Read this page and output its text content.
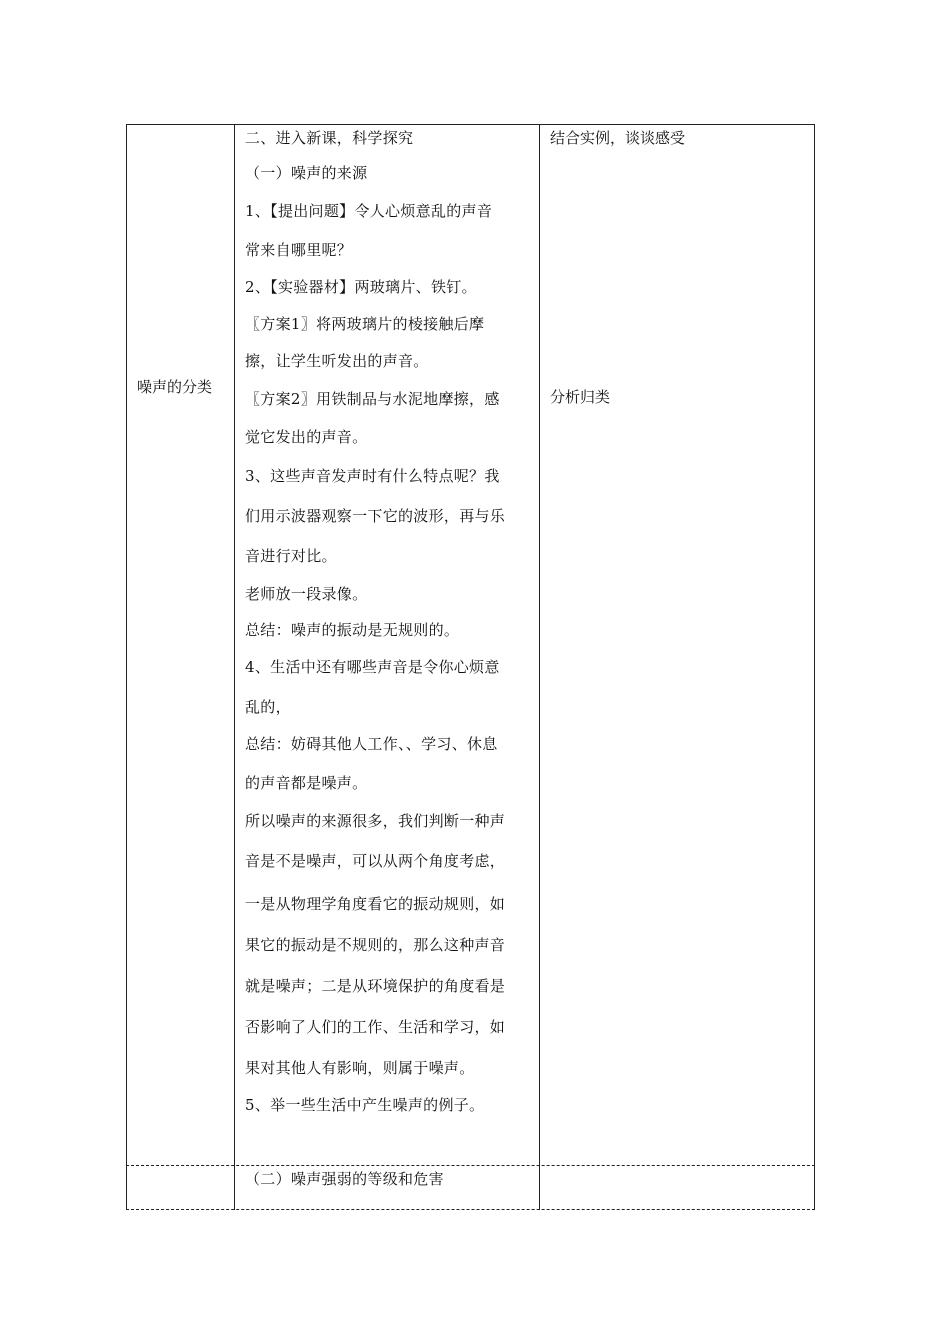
噪声的分类
结合实例，谈谈感受
分析归类
二、进入新课，科学探究
（一）噪声的来源
1、【提出问题】令人心烦意乱的声音
常来自哪里呢？
2、【实验器材】两玻璃片、铁钉。
〖方案1〗将两玻璃片的棱接触后摩
擦，让学生听发出的声音。
〖方案2〗用铁制品与水泥地摩擦，感
觉它发出的声音。
3、这些声音发声时有什么特点呢？我
们用示波器观察一下它的波形，再与乐
音进行对比。
老师放一段录像。
总结：噪声的振动是无规则的。
4、生活中还有哪些声音是令你心烦意
乱的，
总结：妨碍其他人工作、、学习、休息
的声音都是噪声。
所以噪声的来源很多，我们判断一种声
音是不是噪声，可以从两个角度考虑，
一是从物理学角度看它的振动规则，如
果它的振动是不规则的，那么这种声音
就是噪声；二是从环境保护的角度看是
否影响了人们的工作、生活和学习，如
果对其他人有影响，则属于噪声。
5、举一些生活中产生噪声的例子。
（二）噪声强弱的等级和危害
